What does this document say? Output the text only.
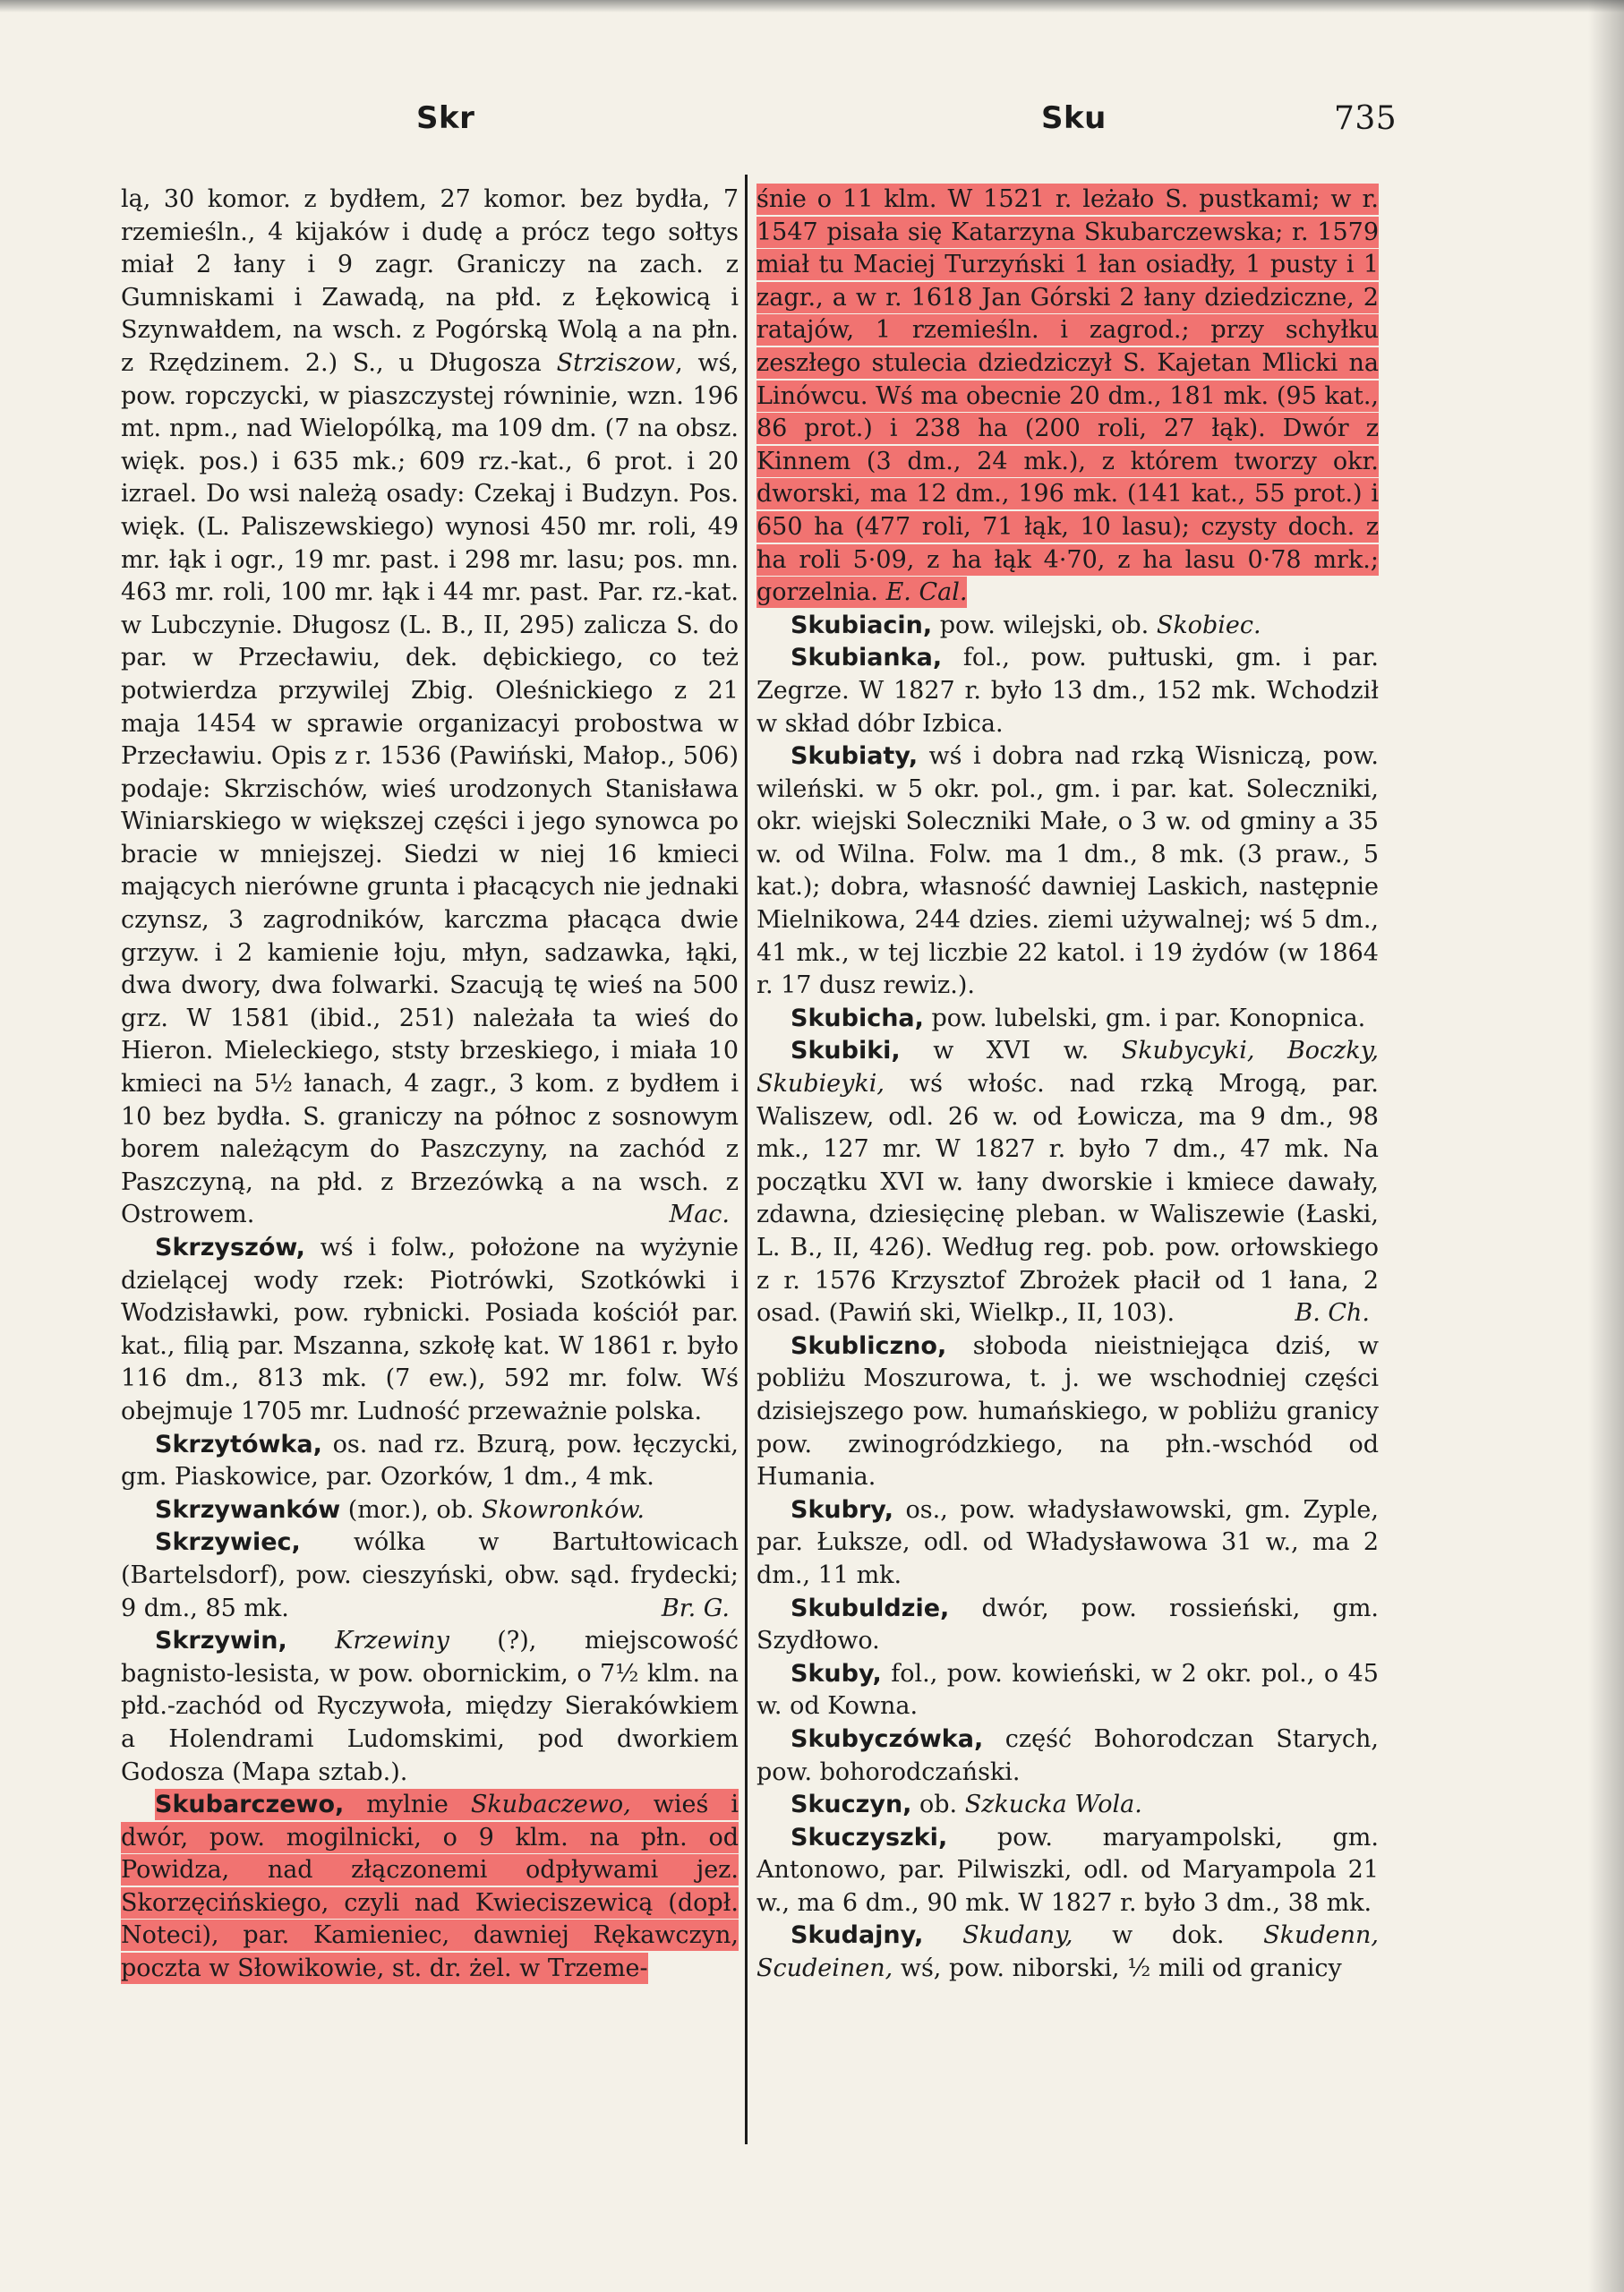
Skr	Sku	735

lą, 30 komor. z bydłem, 27 komor. bez bydła, 7 rzemieśln., 4 kijaków i dudę a prócz tego sołtys miał 2 łany i 9 zagr. Graniczy na zach. z Gumniskami i Zawadą, na płd. z Łękowicą i Szynwałdem, na wsch. z Pogórską Wolą a na płn. z Rzędzinem. 2.) S., u Długosza Strziszow, wś, pow. ropczycki, w piaszczystej równinie, wzn. 196 mt. npm., nad Wielopólką, ma 109 dm. (7 na obsz. więk. pos.) i 635 mk.; 609 rz.-kat., 6 prot. i 20 izrael. Do wsi należą osady: Czekaj i Budzyn. Pos. więk. (L. Paliszewskiego) wynosi 450 mr. roli, 49 mr. łąk i ogr., 19 mr. past. i 298 mr. lasu; pos. mn. 463 mr. roli, 100 mr. łąk i 44 mr. past. Par. rz.-kat. w Lubczynie. Długosz (L. B., II, 295) zalicza S. do par. w Przecławiu, dek. dębickiego, co też potwierdza przywilej Zbig. Oleśnickiego z 21 maja 1454 w sprawie organizacyi probostwa w Przecławiu. Opis z r. 1536 (Pawiński, Małop., 506) podaje: Skrzischów, wieś urodzonych Stanisława Winiarskiego w większej części i jego synowca po bracie w mniejszej. Siedzi w niej 16 kmieci mających nierówne grunta i płacących nie jednaki czynsz, 3 zagrodników, karczma płacąca dwie grzyw. i 2 kamienie łoju, młyn, sadzawka, łąki, dwa dwory, dwa folwarki. Szacują tę wieś na 500 grz. W 1581 (ibid., 251) należała ta wieś do Hieron. Mieleckiego, ststy brzeskiego, i miała 10 kmieci na 5½ łanach, 4 zagr., 3 kom. z bydłem i 10 bez bydła. S. graniczy na północ z sosnowym borem należącym do Paszczyny, na zachód z Paszczyną, na płd. z Brzezówką a na wsch. z Ostrowem.	Mac.

Skrzyszów, wś i folw., położone na wyżynie dzielącej wody rzek: Piotrówki, Szotkówki i Wodzisławki, pow. rybnicki. Posiada kościół par. kat., filią par. Mszanna, szkołę kat. W 1861 r. było 116 dm., 813 mk. (7 ew.), 592 mr. folw. Wś obejmuje 1705 mr. Ludność przeważnie polska.

Skrzytówka, os. nad rz. Bzurą, pow. łęczycki, gm. Piaskowice, par. Ozorków, 1 dm., 4 mk.

Skrzywanków (mor.), ob. Skowronków.

Skrzywiec, wólka w Bartułtowicach (Bartelsdorf), pow. cieszyński, obw. sąd. frydecki; 9 dm., 85 mk.	Br. G.

Skrzywin, Krzewiny (?), miejscowość bagnisto-lesista, w pow. obornickim, o 7½ klm. na płd.-zachód od Ryczywoła, między Sierakówkiem a Holendrami Ludomskimi, pod dworkiem Godosza (Mapa sztab.).

Skubarczewo, mylnie Skubaczewo, wieś i dwór, pow. mogilnicki, o 9 klm. na płn. od Powidza, nad złączonemi odpływami jez. Skorzęcińskiego, czyli nad Kwieciszewicą (dopł. Noteci), par. Kamieniec, dawniej Rękawczyn, poczta w Słowikowie, st. dr. żel. w Trzeme-

śnie o 11 klm. W 1521 r. leżało S. pustkami; w r. 1547 pisała się Katarzyna Skubarczewska; r. 1579 miał tu Maciej Turzyński 1 łan osiadły, 1 pusty i 1 zagr., a w r. 1618 Jan Górski 2 łany dziedziczne, 2 ratajów, 1 rzemieśln. i zagrod.; przy schyłku zeszłego stulecia dziedziczył S. Kajetan Mlicki na Linówcu. Wś ma obecnie 20 dm., 181 mk. (95 kat., 86 prot.) i 238 ha (200 roli, 27 łąk). Dwór z Kinnem (3 dm., 24 mk.), z którem tworzy okr. dworski, ma 12 dm., 196 mk. (141 kat., 55 prot.) i 650 ha (477 roli, 71 łąk, 10 lasu); czysty doch. z ha roli 5·09, z ha łąk 4·70, z ha lasu 0·78 mrk.; gorzelnia. E. Cal.

Skubiacin, pow. wilejski, ob. Skobiec.

Skubianka, fol., pow. pułtuski, gm. i par. Zegrze. W 1827 r. było 13 dm., 152 mk. Wchodził w skład dóbr Izbica.

Skubiaty, wś i dobra nad rzką Wisniczą, pow. wileński. w 5 okr. pol., gm. i par. kat. Soleczniki, okr. wiejski Soleczniki Małe, o 3 w. od gminy a 35 w. od Wilna. Folw. ma 1 dm., 8 mk. (3 praw., 5 kat.); dobra, własność dawniej Laskich, następnie Mielnikowa, 244 dzies. ziemi używalnej; wś 5 dm., 41 mk., w tej liczbie 22 katol. i 19 żydów (w 1864 r. 17 dusz rewiz.).

Skubicha, pow. lubelski, gm. i par. Konopnica.

Skubiki, w XVI w. Skubycyki, Boczky, Skubieyki, wś włośc. nad rzką Mrogą, par. Waliszew, odl. 26 w. od Łowicza, ma 9 dm., 98 mk., 127 mr. W 1827 r. było 7 dm., 47 mk. Na początku XVI w. łany dworskie i kmiece dawały, zdawna, dziesięcinę pleban. w Waliszewie (Łaski, L. B., II, 426). Według reg. pob. pow. orłowskiego z r. 1576 Krzysztof Zbrożek płacił od 1 łana, 2 osad. (Pawiń ski, Wielkp., II, 103).	B. Ch.

Skubliczno, słoboda nieistniejąca dziś, w pobliżu Moszurowa, t. j. we wschodniej części dzisiejszego pow. humańskiego, w pobliżu granicy pow. zwinogródzkiego, na płn.-wschód od Humania.

Skubry, os., pow. władysławowski, gm. Zyple, par. Łuksze, odl. od Władysławowa 31 w., ma 2 dm., 11 mk.

Skubuldzie, dwór, pow. rossieński, gm. Szydłowo.

Skuby, fol., pow. kowieński, w 2 okr. pol., o 45 w. od Kowna.

Skubyczówka, część Bohorodczan Starych, pow. bohorodczański.

Skuczyn, ob. Szkucka Wola.

Skuczyszki, pow. maryampolski, gm. Antonowo, par. Pilwiszki, odl. od Maryampola 21 w., ma 6 dm., 90 mk. W 1827 r. było 3 dm., 38 mk.

Skudajny, Skudany, w dok. Skudenn, Scudeinen, wś, pow. niborski, ½ mili od granicy
